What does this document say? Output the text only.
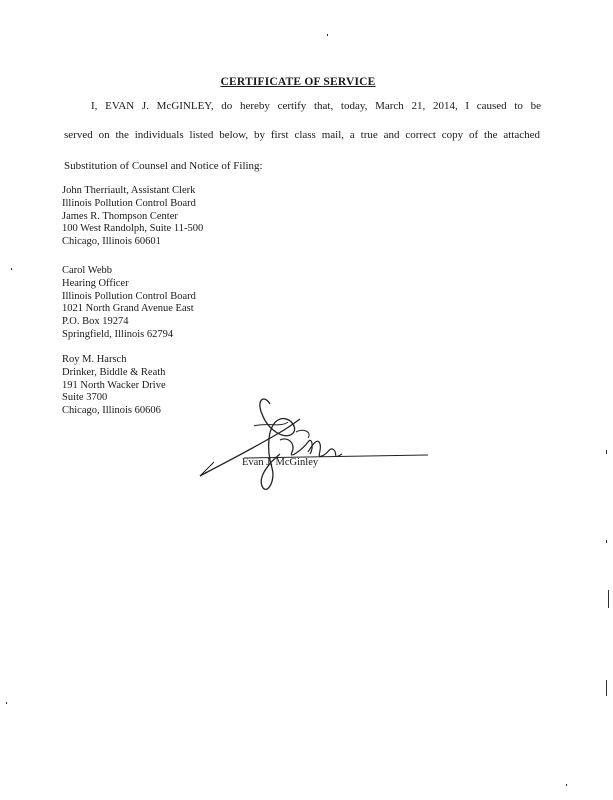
CERTIFICATE OF SERVICE
I, EVAN J. McGINLEY, do hereby certify that, today, March 21, 2014, I caused to be
served on the individuals listed below, by first class mail, a true and correct copy of the attached
Substitution of Counsel and Notice of Filing:
John Therriault, Assistant Clerk
Illinois Pollution Control Board
James R. Thompson Center
100 West Randolph, Suite 11-500
Chicago, Illinois 60601
Carol Webb
Hearing Officer
Illinois Pollution Control Board
1021 North Grand Avenue East
P.O. Box 19274
Springfield, Illinois 62794
Roy M. Harsch
Drinker, Biddle & Reath
191 North Wacker Drive
Suite 3700
Chicago, Illinois 60606
Evan J. McGinley
